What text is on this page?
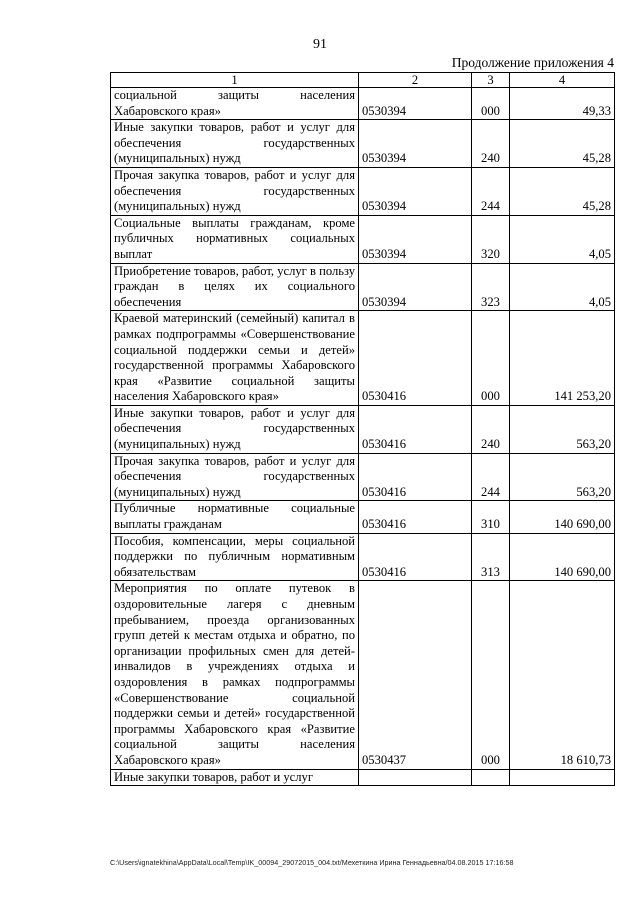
91
Продолжение приложения 4
1	2	3	4
социальной защиты населения Хабаровского края»	0530394	000	49,33
Иные закупки товаров, работ и услуг для обеспечения государственных (муниципальных) нужд	0530394	240	45,28
Прочая закупка товаров, работ и услуг для обеспечения государственных (муниципальных) нужд	0530394	244	45,28
Социальные выплаты гражданам, кроме публичных нормативных социальных выплат	0530394	320	4,05
Приобретение товаров, работ, услуг в пользу граждан в целях их социального обеспечения	0530394	323	4,05
Краевой материнский (семейный) капитал в рамках подпрограммы «Совершенствование социальной поддержки семьи и детей» государственной программы Хабаровского края «Развитие социальной защиты населения Хабаровского края»	0530416	000	141 253,20
Иные закупки товаров, работ и услуг для обеспечения государственных (муниципальных) нужд	0530416	240	563,20
Прочая закупка товаров, работ и услуг для обеспечения государственных (муниципальных) нужд	0530416	244	563,20
Публичные нормативные социальные выплаты гражданам	0530416	310	140 690,00
Пособия, компенсации, меры социальной поддержки по публичным нормативным обязательствам	0530416	313	140 690,00
Мероприятия по оплате путевок в оздоровительные лагеря с дневным пребыванием, проезда организованных групп детей к местам отдыха и обратно, по организации профильных смен для детей-инвалидов в учреждениях отдыха и оздоровления в рамках подпрограммы «Совершенствование социальной поддержки семьи и детей» государственной программы Хабаровского края «Развитие социальной защиты населения Хабаровского края»	0530437	000	18 610,73
Иные закупки товаров, работ и услуг			
C:\Users\ignatekhina\AppData\Local\Temp\IK_00094_29072015_004.txt/Мехеткина Ирина Геннадьевна/04.08.2015 17:16:58
